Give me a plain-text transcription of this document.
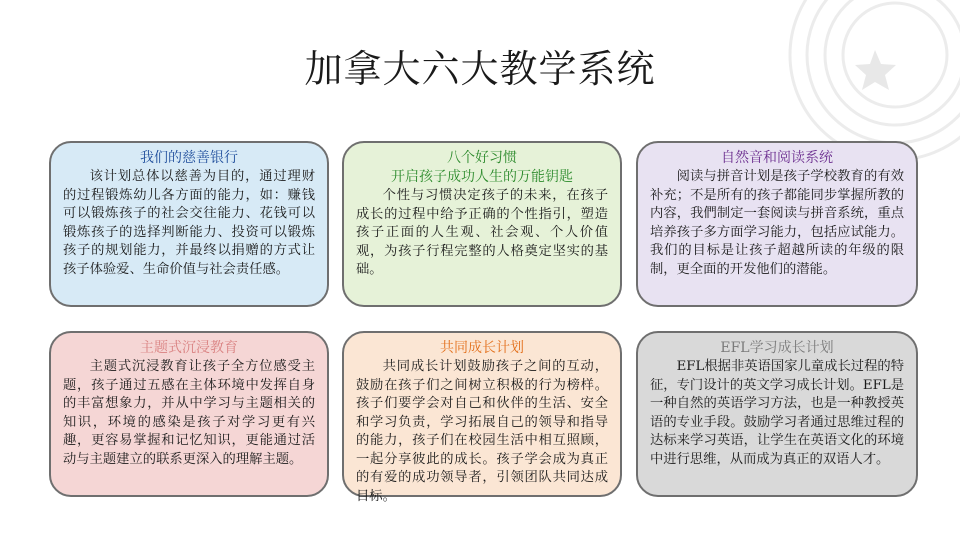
加拿大六大教学系统

我们的慈善银行

该计划总体以慈善为目的，通过理财的过程锻炼幼儿各方面的能力，如：赚钱可以锻炼孩子的社会交往能力、花钱可以锻炼孩子的选择判断能力、投资可以锻炼孩子的规划能力，并最终以捐赠的方式让孩子体验爱、生命价值与社会责任感。

八个好习惯

开启孩子成功人生的万能钥匙

个性与习惯决定孩子的未来，在孩子成长的过程中给予正确的个性指引，塑造孩子正面的人生观、社会观、个人价值观，为孩子行程完整的人格奠定坚实的基础。

自然音和阅读系统

阅读与拼音计划是孩子学校教育的有效补充；不是所有的孩子都能同步掌握所教的内容，我們制定一套阅读与拼音系统，重点培养孩子多方面学习能力，包括应试能力。我们的目标是让孩子超越所读的年级的限制，更全面的开发他们的潜能。

主题式沉浸教育

主题式沉浸教育让孩子全方位感受主题，孩子通过五感在主体环境中发挥自身的丰富想象力，并从中学习与主题相关的知识，环境的感染是孩子对学习更有兴趣，更容易掌握和记忆知识，更能通过活动与主题建立的联系更深入的理解主题。

共同成长计划

共同成长计划鼓励孩子之间的互动，鼓励在孩子们之间树立积极的行为榜样。孩子们要学会对自己和伙伴的生活、安全和学习负责，学习拓展自己的领导和指导的能力，孩子们在校园生活中相互照顾，一起分享彼此的成长。孩子学会成为真正的有爱的成功领导者，引领团队共同达成目标。

EFL学习成长计划

EFL根据非英语国家儿童成长过程的特征，专门设计的英文学习成长计划。EFL是一种自然的英语学习方法，也是一种教授英语的专业手段。鼓励学习者通过思维过程的达标来学习英语，让学生在英语文化的环境中进行思维，从而成为真正的双语人才。
